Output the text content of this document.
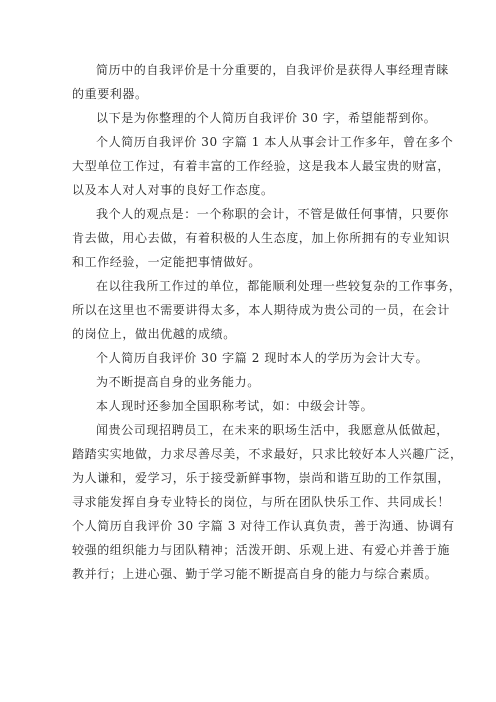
简历中的自我评价是十分重要的，自我评价是获得人事经理青睐
的重要利器。
以下是为你整理的个人简历自我评价 30 字，希望能帮到你。
个人简历自我评价 30 字篇 1 本人从事会计工作多年，曾在多个
大型单位工作过，有着丰富的工作经验，这是我本人最宝贵的财富，
以及本人对人对事的良好工作态度。
我个人的观点是：一个称职的会计，不管是做任何事情，只要你
肯去做，用心去做，有着积极的人生态度，加上你所拥有的专业知识
和工作经验，一定能把事情做好。
在以往我所工作过的单位，都能顺利处理一些较复杂的工作事务，
所以在这里也不需要讲得太多，本人期待成为贵公司的一员，在会计
的岗位上，做出优越的成绩。
个人简历自我评价 30 字篇 2 现时本人的学历为会计大专。
为不断提高自身的业务能力。
本人现时还参加全国职称考试，如：中级会计等。
闻贵公司现招聘员工，在未来的职场生活中，我愿意从低做起，
踏踏实实地做，力求尽善尽美，不求最好，只求比较好本人兴趣广泛，
为人谦和，爱学习，乐于接受新鲜事物，崇尚和谐互助的工作氛围，
寻求能发挥自身专业特长的岗位，与所在团队快乐工作、共同成长！
个人简历自我评价 30 字篇 3 对待工作认真负责，善于沟通、协调有
较强的组织能力与团队精神；活泼开朗、乐观上进、有爱心并善于施
教并行；上进心强、勤于学习能不断提高自身的能力与综合素质。
